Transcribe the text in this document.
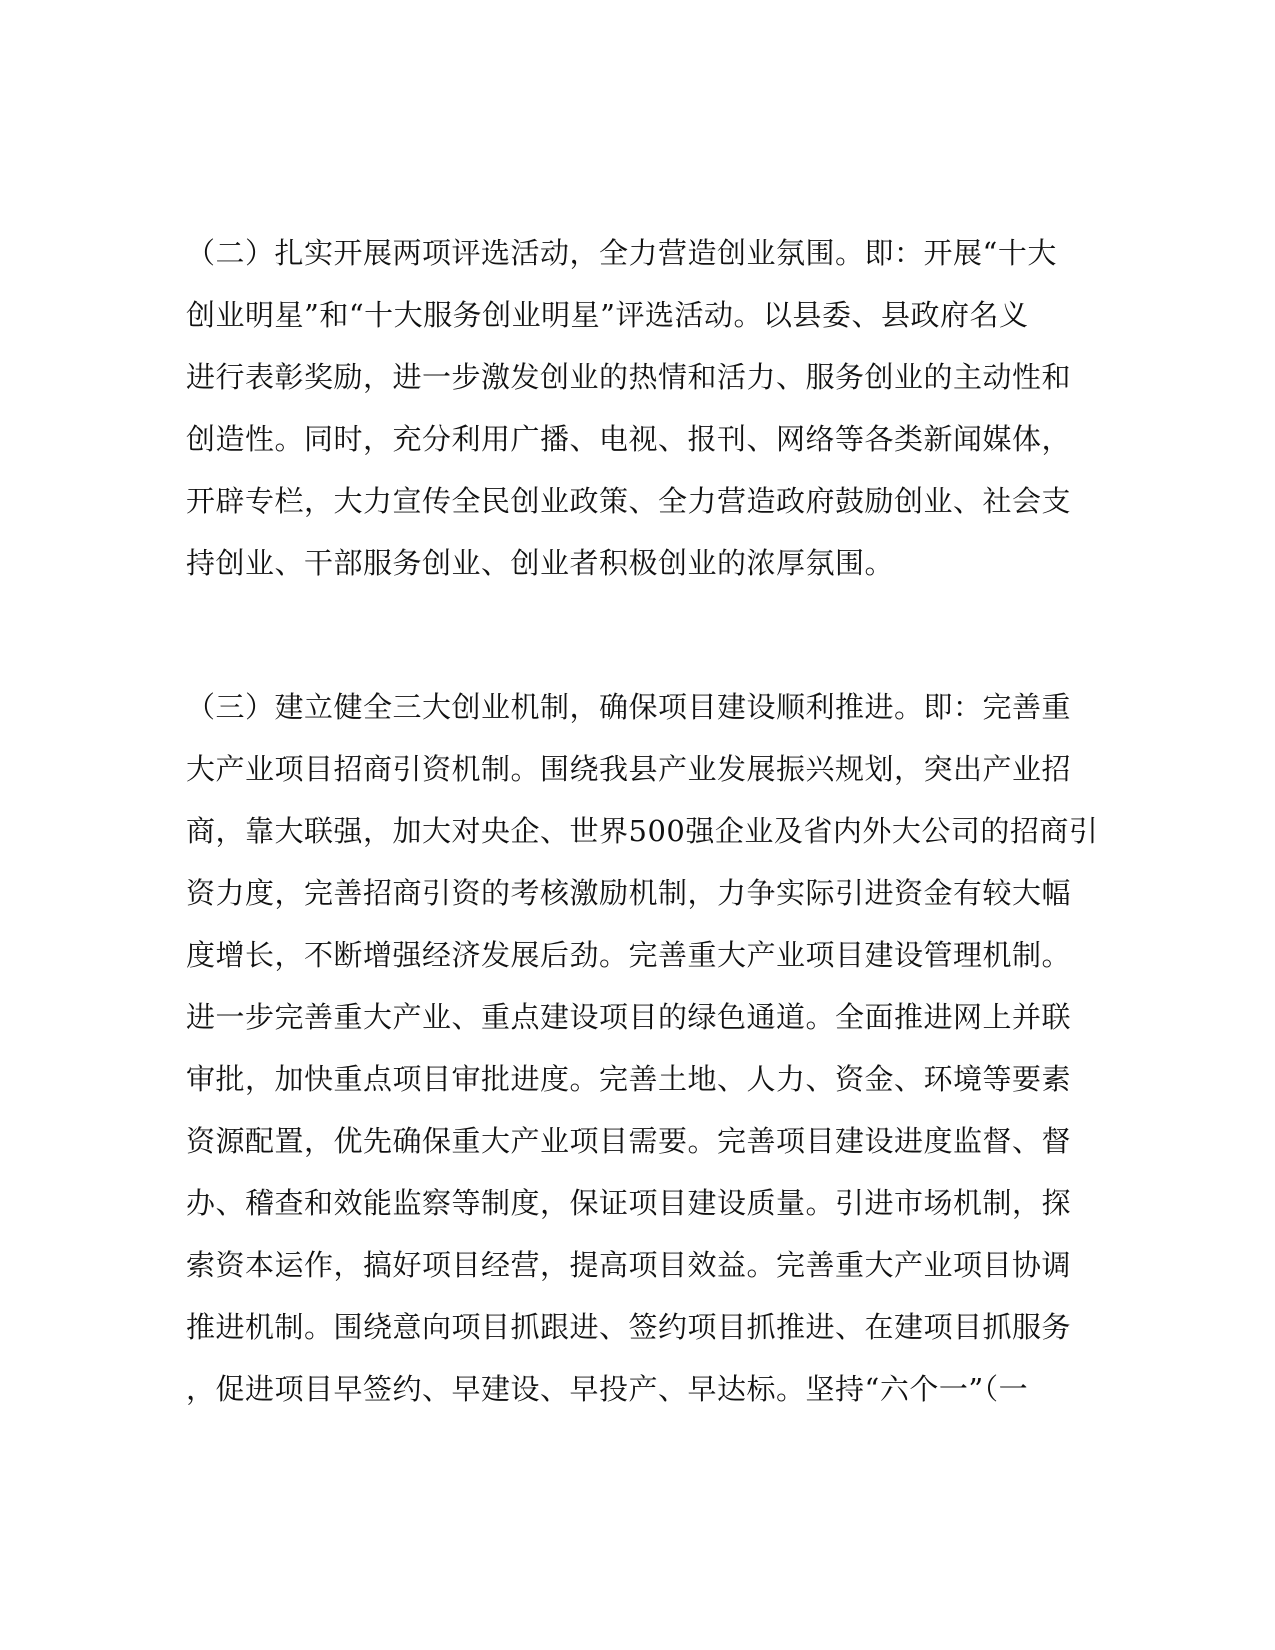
（二）扎实开展两项评选活动，全力营造创业氛围。即：开展“十大
创业明星”和“十大服务创业明星”评选活动。以县委、县政府名义
进行表彰奖励，进一步激发创业的热情和活力、服务创业的主动性和
创造性。同时，充分利用广播、电视、报刊、网络等各类新闻媒体，
开辟专栏，大力宣传全民创业政策、全力营造政府鼓励创业、社会支
持创业、干部服务创业、创业者积极创业的浓厚氛围。
（三）建立健全三大创业机制，确保项目建设顺利推进。即：完善重
大产业项目招商引资机制。围绕我县产业发展振兴规划，突出产业招
商，靠大联强，加大对央企、世界500强企业及省内外大公司的招商引
资力度，完善招商引资的考核激励机制，力争实际引进资金有较大幅
度增长，不断增强经济发展后劲。完善重大产业项目建设管理机制。
进一步完善重大产业、重点建设项目的绿色通道。全面推进网上并联
审批，加快重点项目审批进度。完善土地、人力、资金、环境等要素
资源配置，优先确保重大产业项目需要。完善项目建设进度监督、督
办、稽查和效能监察等制度，保证项目建设质量。引进市场机制，探
索资本运作，搞好项目经营，提高项目效益。完善重大产业项目协调
推进机制。围绕意向项目抓跟进、签约项目抓推进、在建项目抓服务
，促进项目早签约、早建设、早投产、早达标。坚持“六个一”（一
